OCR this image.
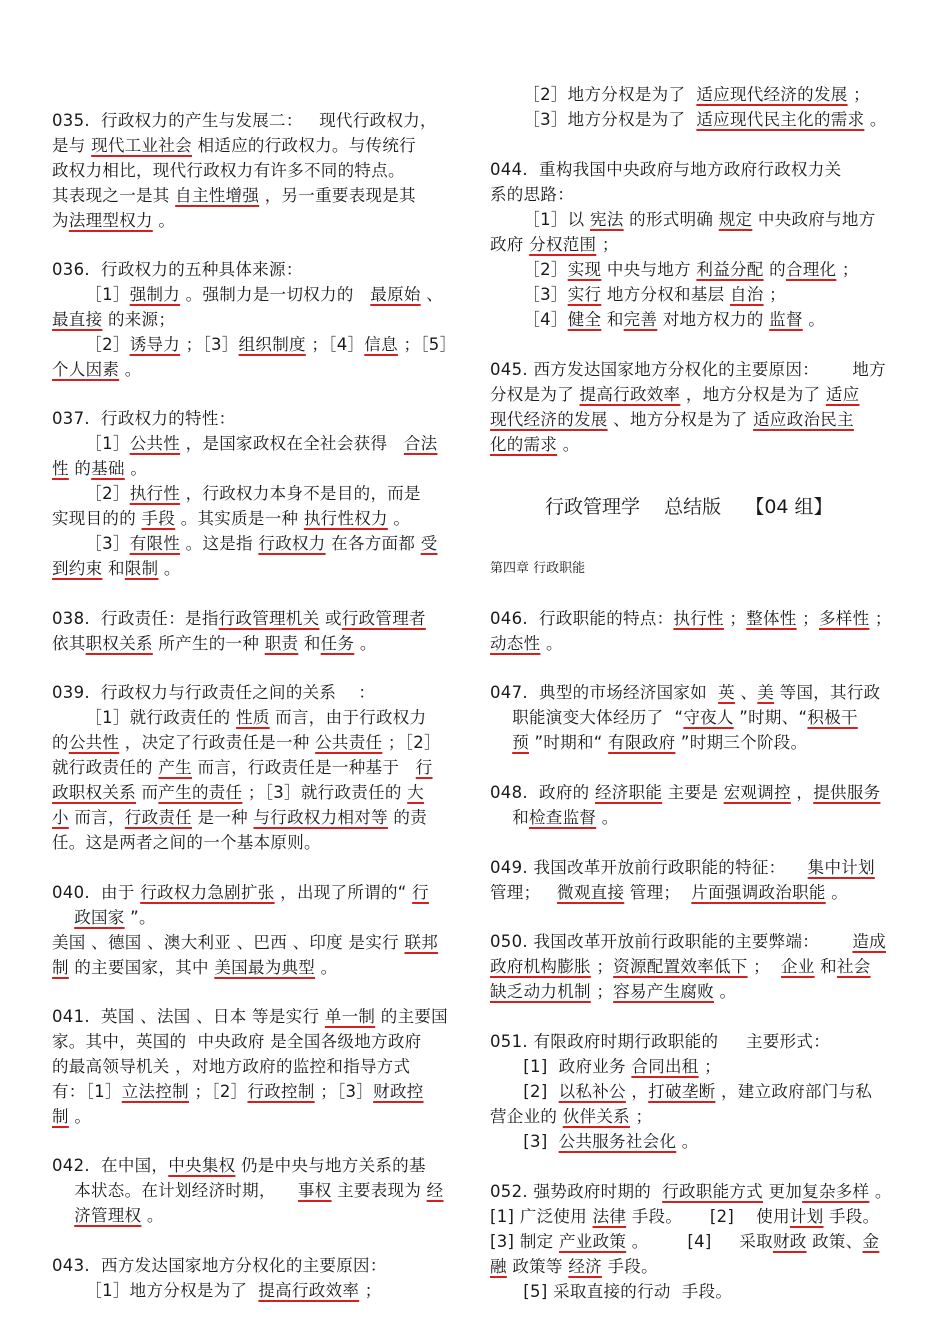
035.  行政权力的产生与发展二：   现代行政权力，
是与 现代工业社会 相适应的行政权力。与传统行
政权力相比，现代行政权力有许多不同的特点。
其表现之一是其 自主性增强 ，另一重要表现是其
为法理型权力 。
036.  行政权力的五种具体来源：
［1］强制力 。强制力是一切权力的   最原始 、
最直接 的来源；
［2］诱导力 ；［3］组织制度 ；［4］信息 ；［5］
个人因素 。
037.  行政权力的特性：
［1］公共性 ，是国家政权在全社会获得   合法
性 的基础 。
［2］执行性 ，行政权力本身不是目的，而是
实现目的的 手段 。其实质是一种 执行性权力 。
［3］有限性 。这是指 行政权力 在各方面都 受
到约束 和限制 。
038.  行政责任：是指行政管理机关 或行政管理者
依其职权关系 所产生的一种 职责 和任务 。
039.  行政权力与行政责任之间的关系    ：
［1］就行政责任的 性质 而言，由于行政权力
的公共性 ，决定了行政责任是一种 公共责任 ；［2］
就行政责任的 产生 而言，行政责任是一种基于   行
政职权关系 而产生的责任 ；［3］就行政责任的 大
小 而言，行政责任 是一种 与行政权力相对等 的责
任。这是两者之间的一个基本原则。
040.  由于 行政权力急剧扩张 ，出现了所谓的“ 行
政国家 ”。
美国 、德国 、澳大利亚 、巴西 、印度 是实行 联邦
制 的主要国家，其中 美国最为典型 。
041.  英国 、法国 、日本 等是实行 单一制 的主要国
家。其中，英国的  中央政府 是全国各级地方政府
的最高领导机关 ，对地方政府的监控和指导方式
有：［1］立法控制 ；［2］行政控制 ；［3］财政控
制 。
042.  在中国，中央集权 仍是中央与地方关系的基
本状态。在计划经济时期，    事权 主要表现为 经
济管理权 。
043.  西方发达国家地方分权化的主要原因：
［1］地方分权是为了  提高行政效率 ；
行政管理学    总结版    【04 组】
第四章 行政职能
［2］地方分权是为了  适应现代经济的发展 ；
［3］地方分权是为了  适应现代民主化的需求 。
044.  重构我国中央政府与地方政府行政权力关
系的思路：
［1］以 宪法 的形式明确 规定 中央政府与地方
政府 分权范围 ；
［2］实现 中央与地方 利益分配 的合理化 ；
［3］实行 地方分权和基层 自治 ；
［4］健全 和完善 对地方权力的 监督 。
045. 西方发达国家地方分权化的主要原因：      地方
分权是为了 提高行政效率 ，地方分权是为了 适应
现代经济的发展 、地方分权是为了 适应政治民主
化的需求 。
046.  行政职能的特点：执行性 ；整体性 ；多样性 ；
动态性 。
047.  典型的市场经济国家如  英 、美 等国，其行政
职能演变大体经历了  “守夜人 ”时期、“积极干
预 ”时期和“ 有限政府 ”时期三个阶段。
048.  政府的 经济职能 主要是 宏观调控 ，提供服务
和检查监督 。
049. 我国改革开放前行政职能的特征：    集中计划
管理；   微观直接 管理；  片面强调政治职能 。
050. 我国改革开放前行政职能的主要弊端：      造成
政府机构膨胀 ；资源配置效率低下 ；  企业 和社会
缺乏动力机制 ；容易产生腐败 。
051. 有限政府时期行政职能的     主要形式：
[1]  政府业务 合同出租 ；
[2]  以私补公 ，打破垄断 ，建立政府部门与私
营企业的 伙伴关系 ；
[3]  公共服务社会化 。
052. 强势政府时期的  行政职能方式 更加复杂多样 。
[1] 广泛使用 法律 手段。     [2]    使用计划 手段。
[3] 制定 产业政策 。       [4]     采取财政 政策、金
融 政策等 经济 手段。
[5] 采取直接的行动  手段。
